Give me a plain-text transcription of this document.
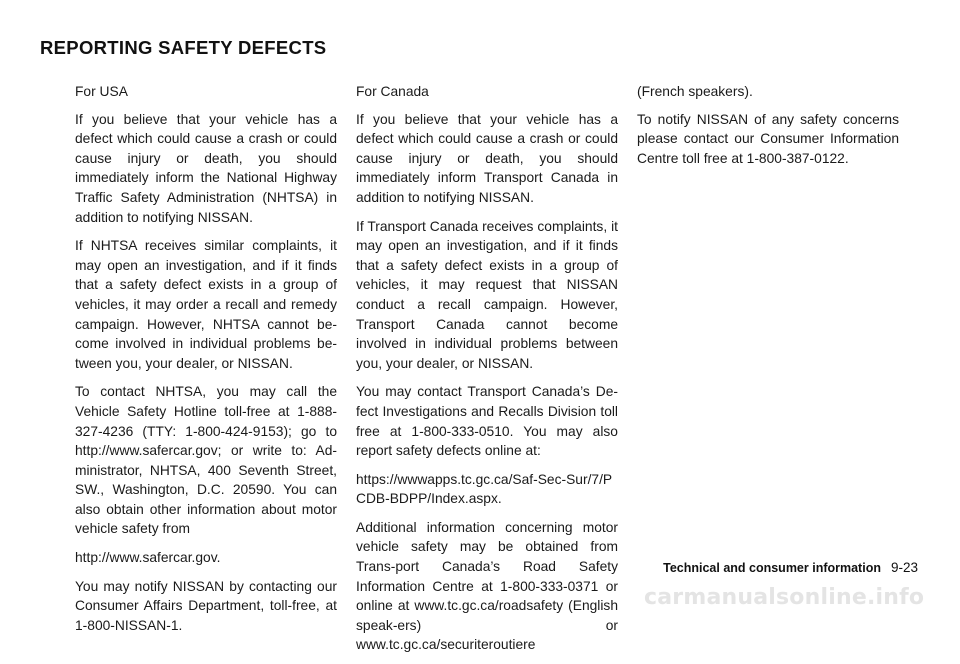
REPORTING SAFETY DEFECTS

For USA

If you believe that your vehicle has a defect which could cause a crash or could cause injury or death, you should immediately inform the National Highway Traffic Safety Administration (NHTSA) in addition to notifying NISSAN.

If NHTSA receives similar complaints, it may open an investigation, and if it finds that a safety defect exists in a group of vehicles, it may order a recall and remedy campaign. However, NHTSA cannot be-come involved in individual problems be-tween you, your dealer, or NISSAN.

To contact NHTSA, you may call the Vehicle Safety Hotline toll-free at 1-888-327-4236 (TTY: 1-800-424-9153); go to http://www.safercar.gov; or write to: Ad-ministrator, NHTSA, 400 Seventh Street, SW., Washington, D.C. 20590. You can also obtain other information about motor vehicle safety from

http://www.safercar.gov.

You may notify NISSAN by contacting our Consumer Affairs Department, toll-free, at 1-800-NISSAN-1.

For Canada

If you believe that your vehicle has a defect which could cause a crash or could cause injury or death, you should immediately inform Transport Canada in addition to notifying NISSAN.

If Transport Canada receives complaints, it may open an investigation, and if it finds that a safety defect exists in a group of vehicles, it may request that NISSAN conduct a recall campaign. However, Transport Canada cannot become involved in individual problems between you, your dealer, or NISSAN.

You may contact Transport Canada’s De-fect Investigations and Recalls Division toll free at 1-800-333-0510. You may also report safety defects online at:

https://wwwapps.tc.gc.ca/Saf-Sec-Sur/7/PCDB-BDPP/Index.aspx.

Additional information concerning motor vehicle safety may be obtained from Trans-port Canada’s Road Safety Information Centre at 1-800-333-0371 or online at www.tc.gc.ca/roadsafety (English speak-ers) or www.tc.gc.ca/securiteroutiere

(French speakers).

To notify NISSAN of any safety concerns please contact our Consumer Information Centre toll free at 1-800-387-0122.

Technical and consumer information 9-23
carmanualsonline.info
